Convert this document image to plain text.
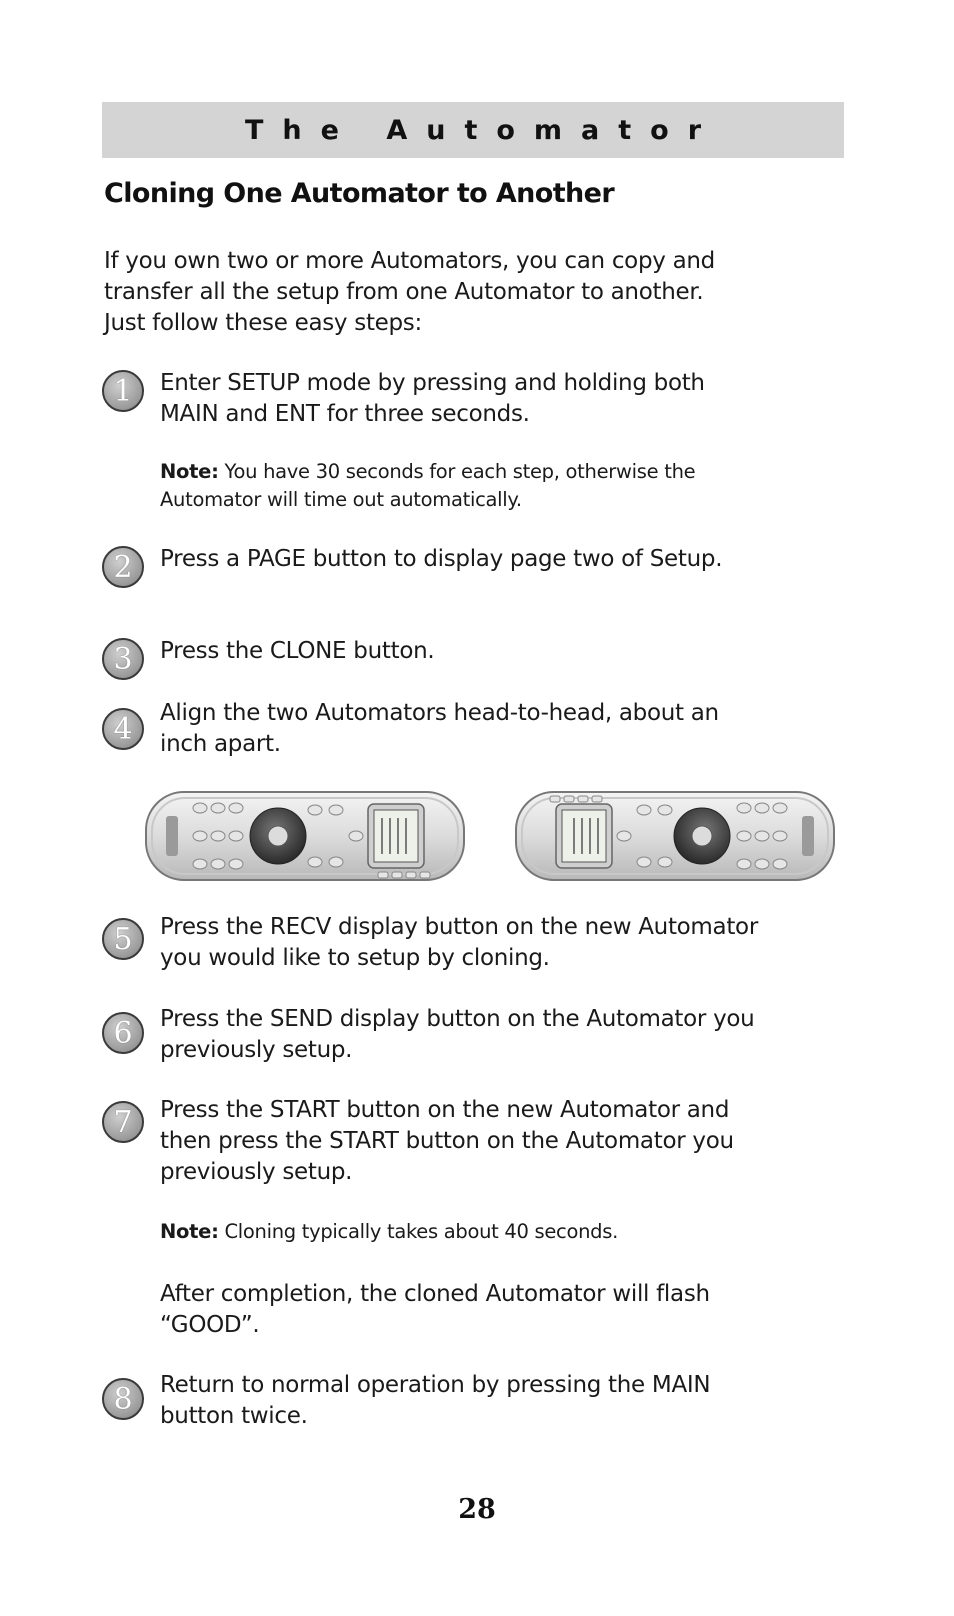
The Automator
Cloning One Automator to Another

If you own two or more Automators, you can copy and transfer all the setup from one Automator to another. Just follow these easy steps:

1 Enter SETUP mode by pressing and holding both MAIN and ENT for three seconds.

Note: You have 30 seconds for each step, otherwise the Automator will time out automatically.

2 Press a PAGE button to display page two of Setup.

3 Press the CLONE button.

4 Align the two Automators head-to-head, about an inch apart.

5 Press the RECV display button on the new Automator you would like to setup by cloning.

6 Press the SEND display button on the Automator you previously setup.

7 Press the START button on the new Automator and then press the START button on the Automator you previously setup.

Note: Cloning typically takes about 40 seconds.

After completion, the cloned Automator will flash “GOOD”.

8 Return to normal operation by pressing the MAIN button twice.

28
